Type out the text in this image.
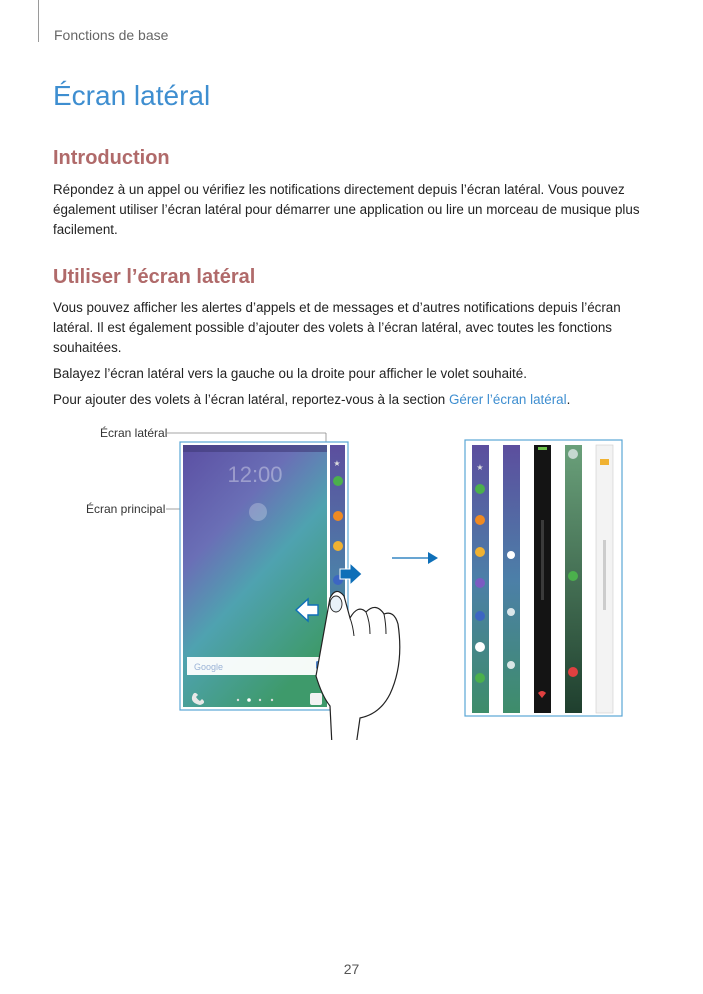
Fonctions de base
Écran latéral
Introduction

Répondez à un appel ou vérifiez les notifications directement depuis l’écran latéral. Vous pouvez également utiliser l’écran latéral pour démarrer une application ou lire un morceau de musique plus facilement.

Utiliser l’écran latéral

Vous pouvez afficher les alertes d’appels et de messages et d’autres notifications depuis l’écran latéral. Il est également possible d’ajouter des volets à l’écran latéral, avec toutes les fonctions souhaitées.

Balayez l’écran latéral vers la gauche ou la droite pour afficher le volet souhaité.

Pour ajouter des volets à l’écran latéral, reportez-vous à la section Gérer l’écran latéral.

Écran latéral
Écran principal
12:00
Google
★	★
27
